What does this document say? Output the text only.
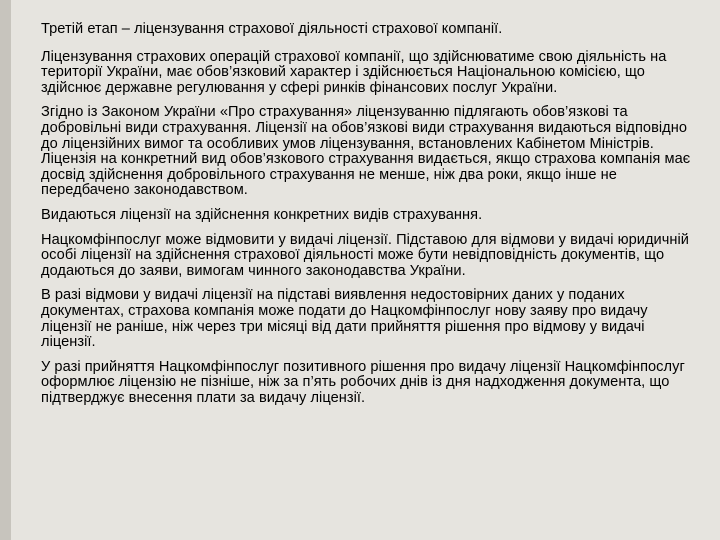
Третій етап – ліцензування страхової діяльності страхової компанії.

Ліцензування страхових операцій страхової компанії, що здійснюватиме свою діяльність на території України, має обов’язковий характер і здійснюється Національною комісією, що здійснює державне регулювання у сфері ринків фінансових послуг України.

Згідно із Законом України «Про страхування» ліцензуванню підлягають обов’язкові та добровільні види страхування. Ліцензії на обов’язкові види страхування видаються відповідно до ліцензійних вимог та особливих умов ліцензування, встановлених Кабінетом Міністрів. Ліцензія на конкретний вид обов’язкового страхування видається, якщо страхова компанія має досвід здійснення добровільного страхування не менше, ніж два роки, якщо інше не передбачено законодавством.

Видаються ліцензії на здійснення конкретних видів страхування.

Нацкомфінпослуг може відмовити у видачі ліцензії. Підставою для відмови у видачі юридичній особі ліцензії на здійснення страхової діяльності може бути невідповідність документів, що додаються до заяви, вимогам чинного законодавства України.

В разі відмови у видачі ліцензії на підставі виявлення недостовірних даних у поданих документах, страхова компанія може подати до Нацкомфінпослуг нову заяву про видачу ліцензії не раніше, ніж через три місяці від дати прийняття рішення про відмову у видачі ліцензії.

У разі прийняття Нацкомфінпослуг позитивного рішення про видачу ліцензії Нацкомфінпослуг оформлює ліцензію не пізніше, ніж за п’ять робочих днів із дня надходження документа, що підтверджує внесення плати за видачу ліцензії.
